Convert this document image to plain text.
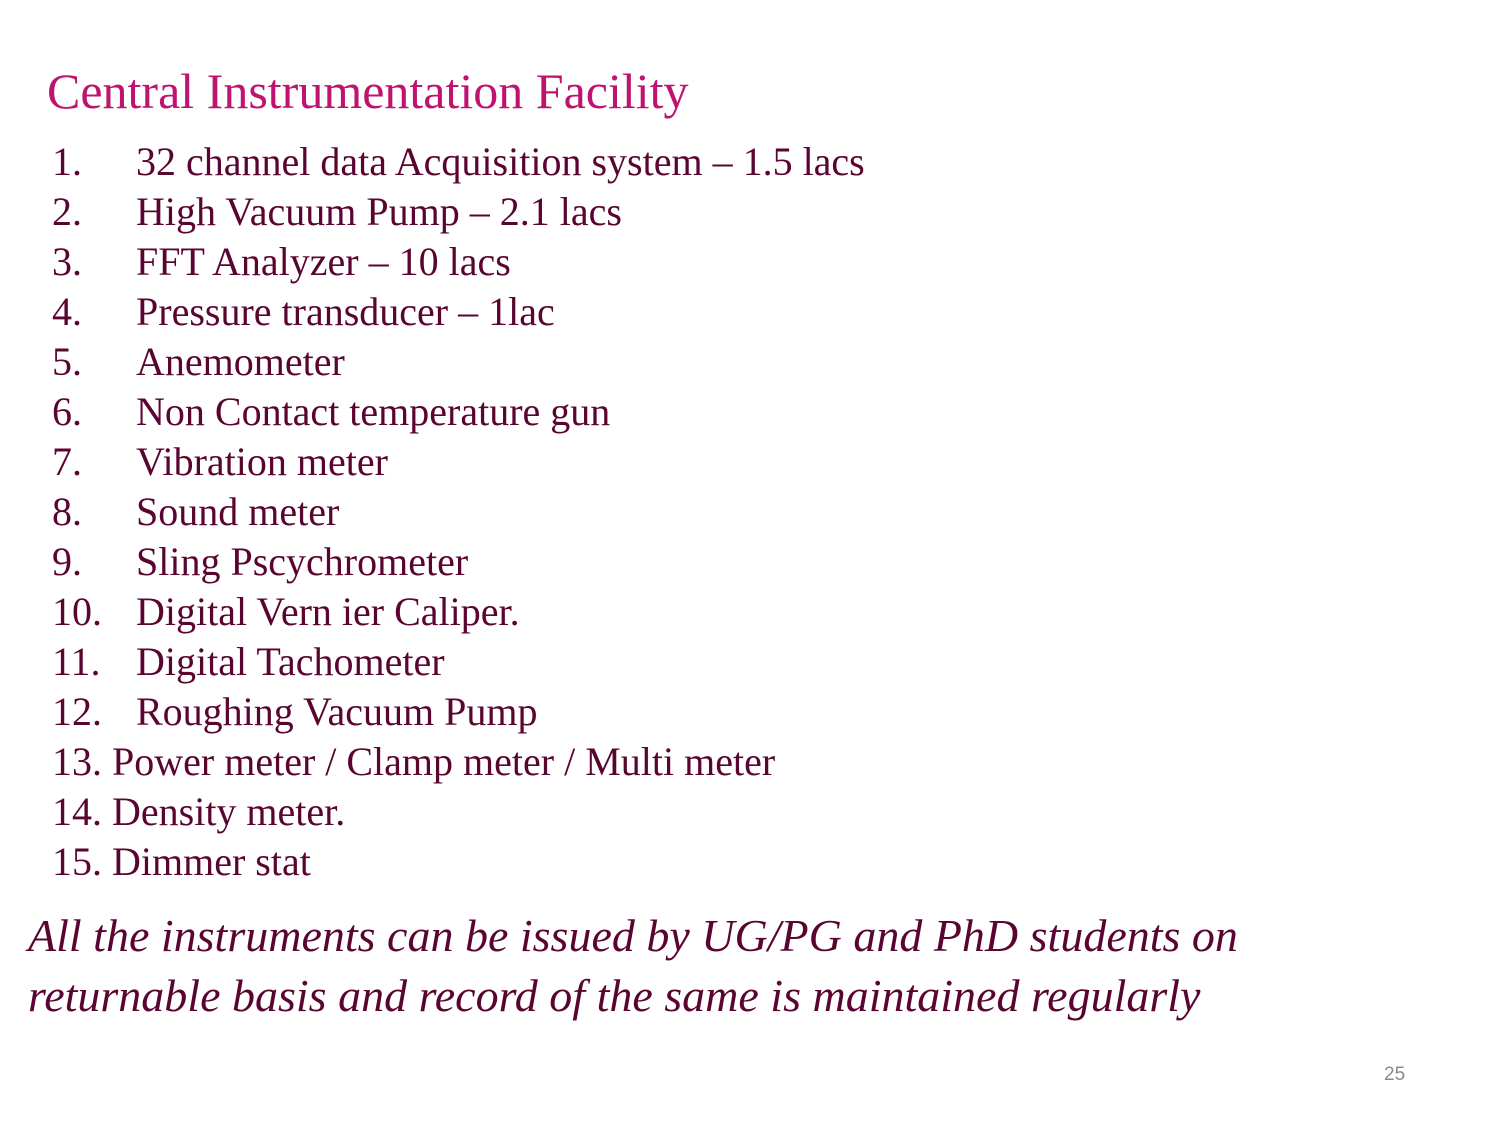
Central Instrumentation Facility
1. 32 channel data Acquisition system – 1.5 lacs
2. High Vacuum Pump – 2.1 lacs
3. FFT Analyzer – 10 lacs
4. Pressure transducer – 1lac
5. Anemometer
6. Non Contact temperature gun
7. Vibration meter
8. Sound meter
9. Sling Pscychrometer
10. Digital Vern ier Caliper.
11. Digital Tachometer
12. Roughing Vacuum Pump
13. Power meter / Clamp meter / Multi meter
14. Density meter.
15. Dimmer stat

All the instruments can be issued by UG/PG and PhD students on
returnable basis and record of the same is maintained regularly

25
